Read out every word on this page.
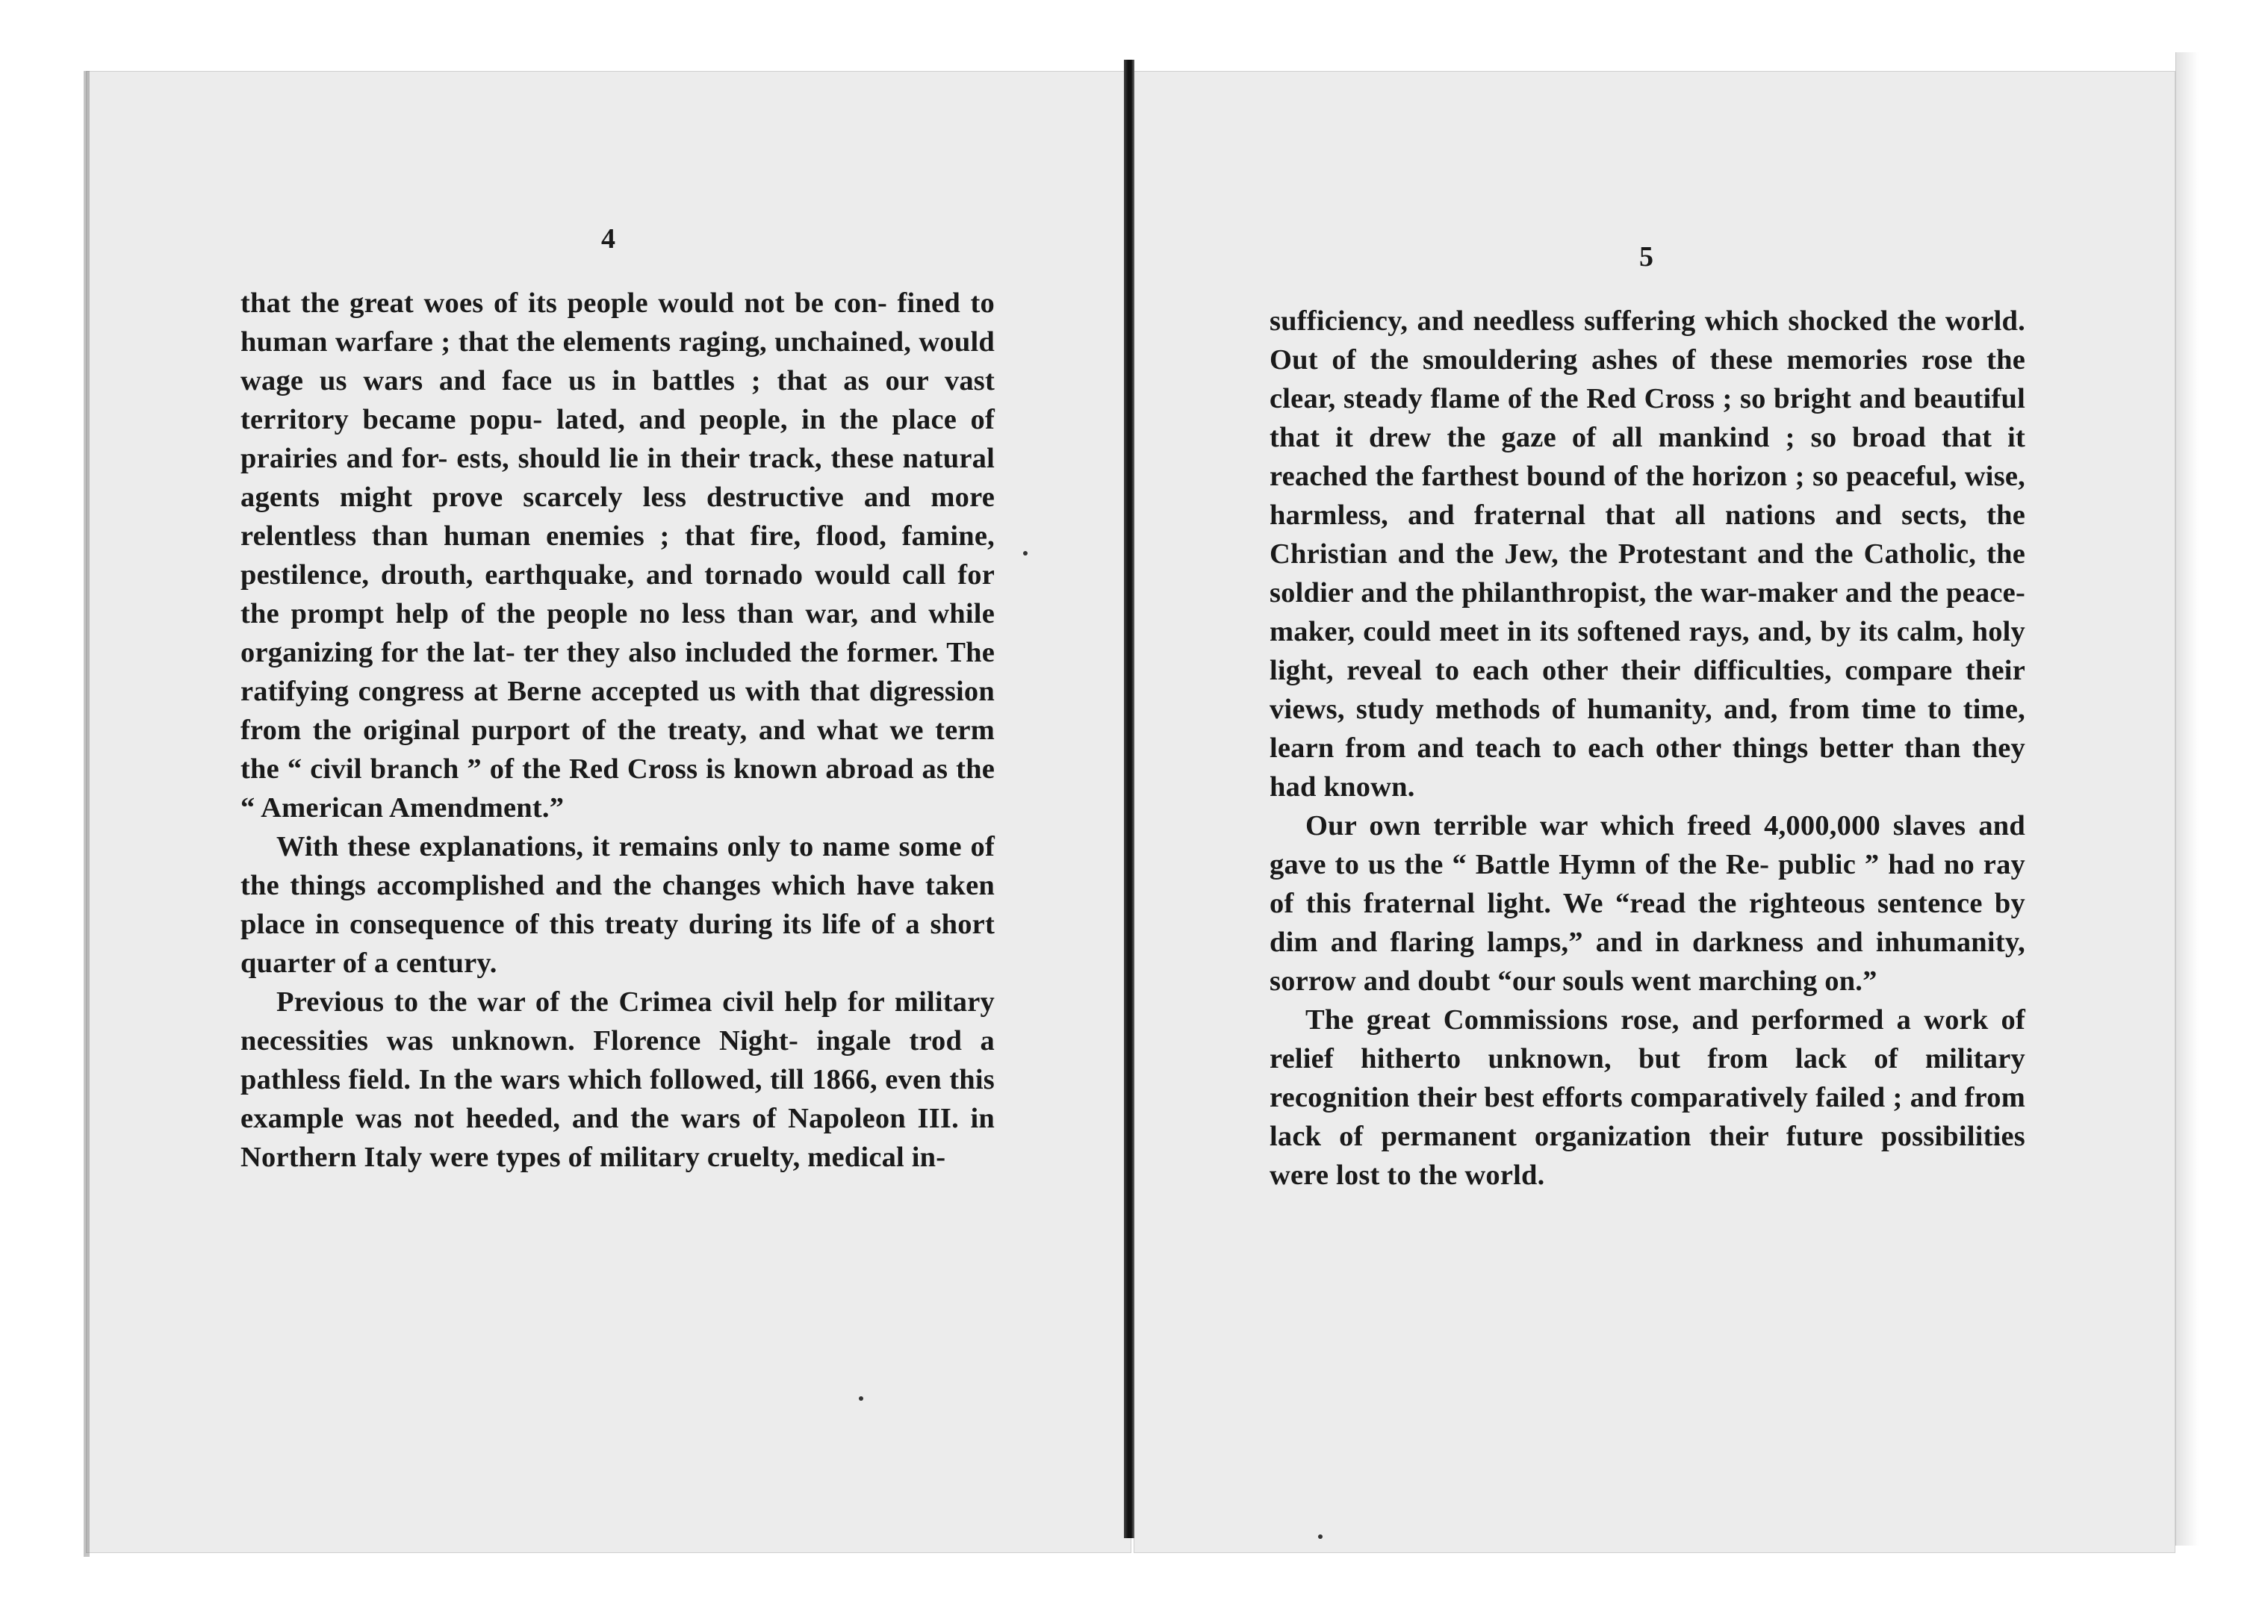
4

5

that the great woes of its people would not be con- fined to human warfare ; that the elements raging, unchained, would wage us wars and face us in battles ; that as our vast territory became popu- lated, and people, in the place of prairies and for- ests, should lie in their track, these natural agents might prove scarcely less destructive and more relentless than human enemies ; that fire, flood, famine, pestilence, drouth, earthquake, and tornado would call for the prompt help of the people no less than war, and while organizing for the lat- ter they also included the former. The ratifying congress at Berne accepted us with that digression from the original purport of the treaty, and what we term the “ civil branch ” of the Red Cross is known abroad as the “ American Amendment.”

With these explanations, it remains only to name some of the things accomplished and the changes which have taken place in consequence of this treaty during its life of a short quarter of a century.

Previous to the war of the Crimea civil help for military necessities was unknown. Florence Night- ingale trod a pathless field. In the wars which followed, till 1866, even this example was not heeded, and the wars of Napoleon III. in Northern Italy were types of military cruelty, medical in-

sufficiency, and needless suffering which shocked the world. Out of the smouldering ashes of these memories rose the clear, steady flame of the Red Cross ; so bright and beautiful that it drew the gaze of all mankind ; so broad that it reached the farthest bound of the horizon ; so peaceful, wise, harmless, and fraternal that all nations and sects, the Christian and the Jew, the Protestant and the Catholic, the soldier and the philanthropist, the war-maker and the peace-maker, could meet in its softened rays, and, by its calm, holy light, reveal to each other their difficulties, compare their views, study methods of humanity, and, from time to time, learn from and teach to each other things better than they had known.

Our own terrible war which freed 4,000,000 slaves and gave to us the “ Battle Hymn of the Re- public ” had no ray of this fraternal light. We “read the righteous sentence by dim and flaring lamps,” and in darkness and inhumanity, sorrow and doubt “our souls went marching on.”

The great Commissions rose, and performed a work of relief hitherto unknown, but from lack of military recognition their best efforts comparatively failed ; and from lack of permanent organization their future possibilities were lost to the world.
